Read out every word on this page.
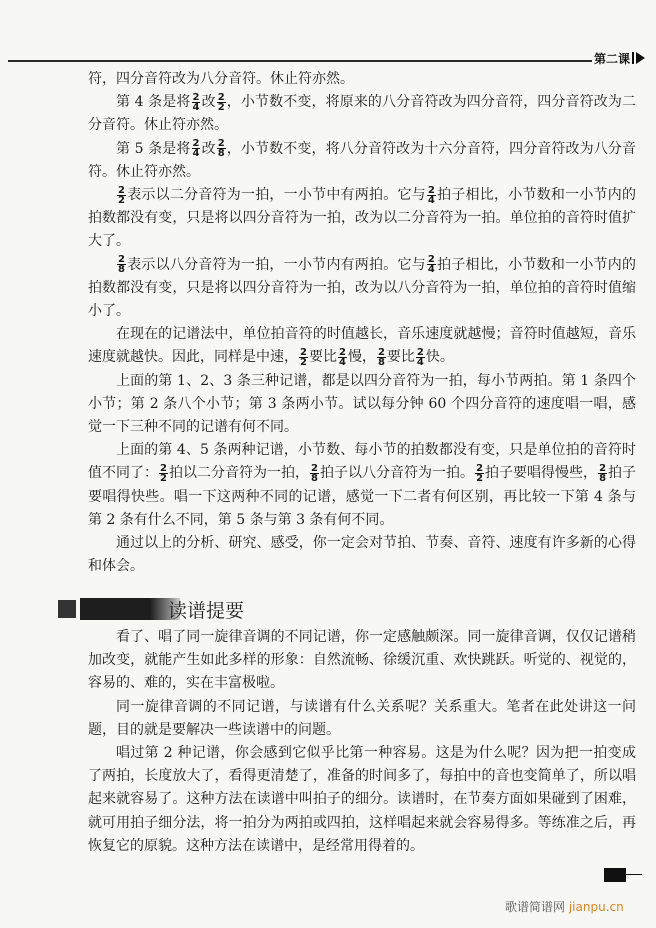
第二课

符，四分音符改为八分音符。休止符亦然。

第 4 条是将 $\frac{2}{4}$ 改 $\frac{2}{2}$ ，小节数不变，将原来的八分音符改为四分音符，四分音符改为二分音符。休止符亦然。

第 5 条是将 $\frac{2}{4}$ 改 $\frac{2}{8}$ ，小节数不变，将八分音符改为十六分音符，四分音符改为八分音符。休止符亦然。

$\frac{2}{2}$ 表示以二分音符为一拍，一小节中有两拍。它与 $\frac{2}{4}$ 拍子相比，小节数和一小节内的拍数都没有变，只是将以四分音符为一拍，改为以二分音符为一拍。单位拍的音符时值扩大了。

$\frac{2}{8}$ 表示以八分音符为一拍，一小节内有两拍。它与 $\frac{2}{4}$ 拍子相比，小节数和一小节内的拍数都没有变，只是将以四分音符为一拍，改为以八分音符为一拍，单位拍的音符时值缩小了。

在现在的记谱法中，单位拍音符的时值越长，音乐速度就越慢；音符时值越短，音乐速度就越快。因此，同样是中速， $\frac{2}{2}$ 要比 $\frac{2}{4}$ 慢， $\frac{2}{8}$ 要比 $\frac{2}{4}$ 快。

上面的第 1、2、3 条三种记谱，都是以四分音符为一拍，每小节两拍。第 1 条四个小节；第 2 条八个小节；第 3 条两小节。试以每分钟 60 个四分音符的速度唱一唱，感觉一下三种不同的记谱有何不同。

上面的第 4、5 条两种记谱，小节数、每小节的拍数都没有变，只是单位拍的音符时值不同了： $\frac{2}{2}$ 拍以二分音符为一拍， $\frac{2}{8}$ 拍子以八分音符为一拍。 $\frac{2}{2}$ 拍子要唱得慢些， $\frac{2}{8}$ 拍子要唱得快些。唱一下这两种不同的记谱，感觉一下二者有何区别，再比较一下第 4 条与第 2 条有什么不同，第 5 条与第 3 条有何不同。

通过以上的分析、研究、感受，你一定会对节拍、节奏、音符、速度有许多新的心得和体会。

读谱提要

看了、唱了同一旋律音调的不同记谱，你一定感触颇深。同一旋律音调，仅仅记谱稍加改变，就能产生如此多样的形象：自然流畅、徐缓沉重、欢快跳跃。听觉的、视觉的，容易的、难的，实在丰富极啦。

同一旋律音调的不同记谱，与读谱有什么关系呢？关系重大。笔者在此处讲这一问题，目的就是要解决一些读谱中的问题。

唱过第 2 种记谱，你会感到它似乎比第一种容易。这是为什么呢？因为把一拍变成了两拍，长度放大了，看得更清楚了，准备的时间多了，每拍中的音也变简单了，所以唱起来就容易了。这种方法在读谱中叫拍子的细分。读谱时，在节奏方面如果碰到了困难，就可用拍子细分法，将一拍分为两拍或四拍，这样唱起来就会容易得多。等练准之后，再恢复它的原貌。这种方法在读谱中，是经常用得着的。

歌谱简谱网 jianpu.cn
